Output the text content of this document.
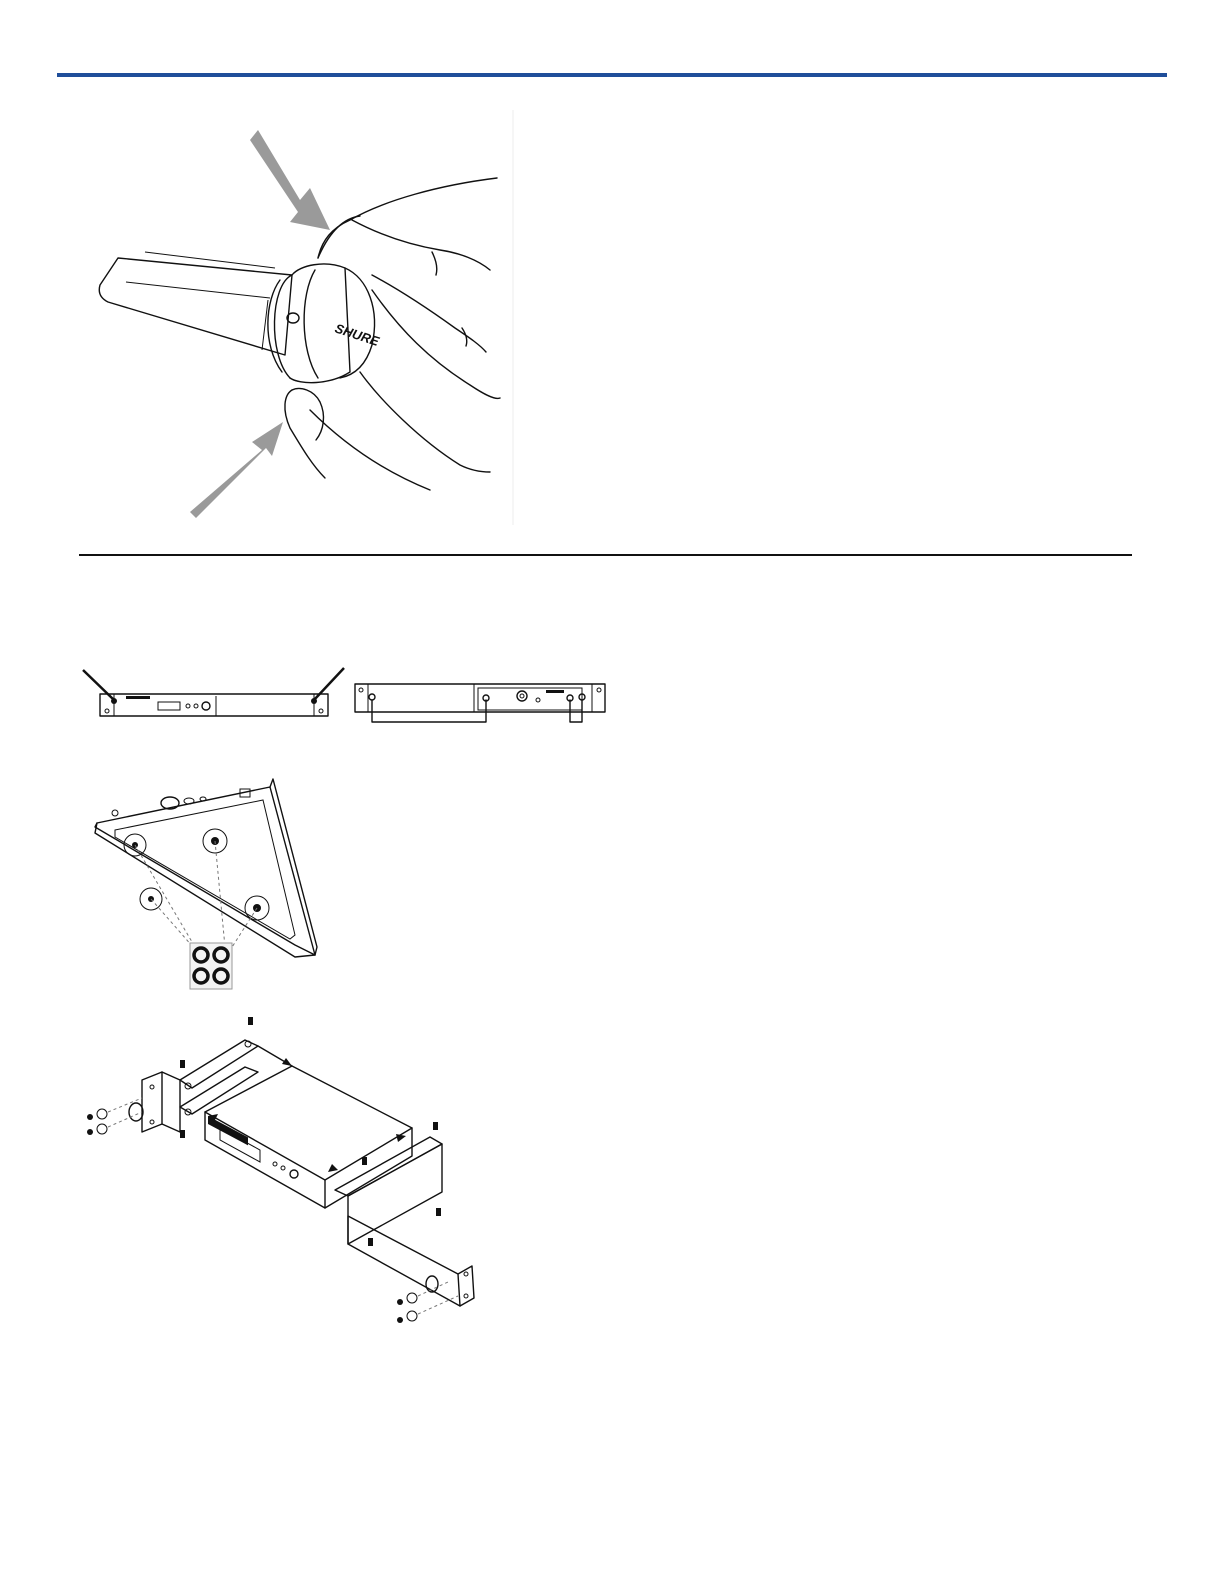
SHURE
